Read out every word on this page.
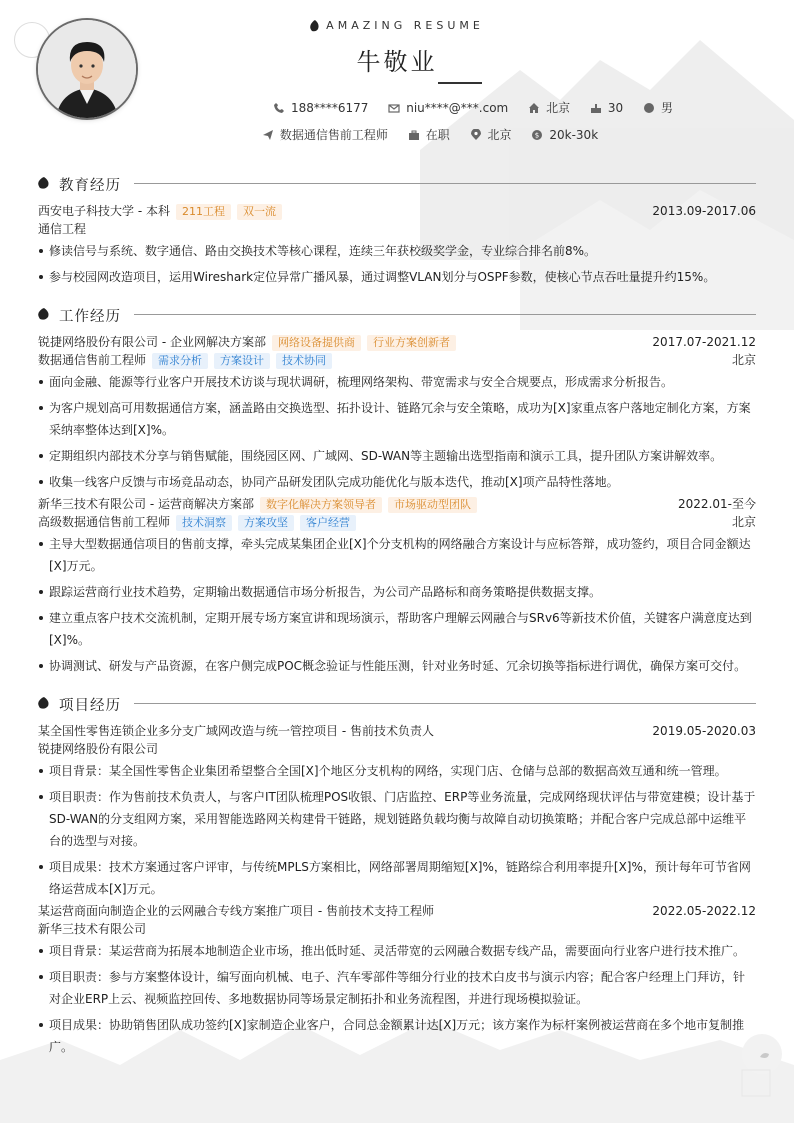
AMAZING RESUME
牛敬业
188****6177	niu****@***.com	北京	30	男
数据通信售前工程师	在职	北京	$ 20k-30k
教育经历
西安电子科技大学 - 本科 211工程 双一流	2013.09-2017.06
通信工程
修读信号与系统、数字通信、路由交换技术等核心课程，连续三年获校级奖学金，专业综合排名前8%。
参与校园网改造项目，运用Wireshark定位异常广播风暴，通过调整VLAN划分与OSPF参数，使核心节点吞吐量提升约15%。
工作经历
锐捷网络股份有限公司 - 企业网解决方案部 网络设备提供商 行业方案创新者	2017.07-2021.12
数据通信售前工程师 需求分析 方案设计 技术协同	北京
面向金融、能源等行业客户开展技术访谈与现状调研，梳理网络架构、带宽需求与安全合规要点，形成需求分析报告。
为客户规划高可用数据通信方案，涵盖路由交换选型、拓扑设计、链路冗余与安全策略，成功为[X]家重点客户落地定制化方案，方案采纳率整体达到[X]%。
定期组织内部技术分享与销售赋能，围绕园区网、广域网、SD-WAN等主题输出选型指南和演示工具，提升团队方案讲解效率。
收集一线客户反馈与市场竞品动态，协同产品研发团队完成功能优化与版本迭代，推动[X]项产品特性落地。
新华三技术有限公司 - 运营商解决方案部 数字化解决方案领导者 市场驱动型团队	2022.01-至今
高级数据通信售前工程师 技术洞察 方案攻坚 客户经营	北京
主导大型数据通信项目的售前支撑，牵头完成某集团企业[X]个分支机构的网络融合方案设计与应标答辩，成功签约，项目合同金额达[X]万元。
跟踪运营商行业技术趋势，定期输出数据通信市场分析报告，为公司产品路标和商务策略提供数据支撑。
建立重点客户技术交流机制，定期开展专场方案宣讲和现场演示，帮助客户理解云网融合与SRv6等新技术价值，关键客户满意度达到[X]%。
协调测试、研发与产品资源，在客户侧完成POC概念验证与性能压测，针对业务时延、冗余切换等指标进行调优，确保方案可交付。
项目经历
某全国性零售连锁企业多分支广域网改造与统一管控项目 - 售前技术负责人	2019.05-2020.03
锐捷网络股份有限公司
项目背景：某全国性零售企业集团希望整合全国[X]个地区分支机构的网络，实现门店、仓储与总部的数据高效互通和统一管理。
项目职责：作为售前技术负责人，与客户IT团队梳理POS收银、门店监控、ERP等业务流量，完成网络现状评估与带宽建模；设计基于SD-WAN的分支组网方案，采用智能选路网关构建骨干链路，规划链路负载均衡与故障自动切换策略；并配合客户完成总部中运维平台的选型与对接。
项目成果：技术方案通过客户评审，与传统MPLS方案相比，网络部署周期缩短[X]%，链路综合利用率提升[X]%，预计每年可节省网络运营成本[X]万元。
某运营商面向制造企业的云网融合专线方案推广项目 - 售前技术支持工程师	2022.05-2022.12
新华三技术有限公司
项目背景：某运营商为拓展本地制造企业市场，推出低时延、灵活带宽的云网融合数据专线产品，需要面向行业客户进行技术推广。
项目职责：参与方案整体设计，编写面向机械、电子、汽车零部件等细分行业的技术白皮书与演示内容；配合客户经理上门拜访，针对企业ERP上云、视频监控回传、多地数据协同等场景定制拓扑和业务流程图，并进行现场模拟验证。
项目成果：协助销售团队成功签约[X]家制造企业客户，合同总金额累计达[X]万元；该方案作为标杆案例被运营商在多个地市复制推广。
